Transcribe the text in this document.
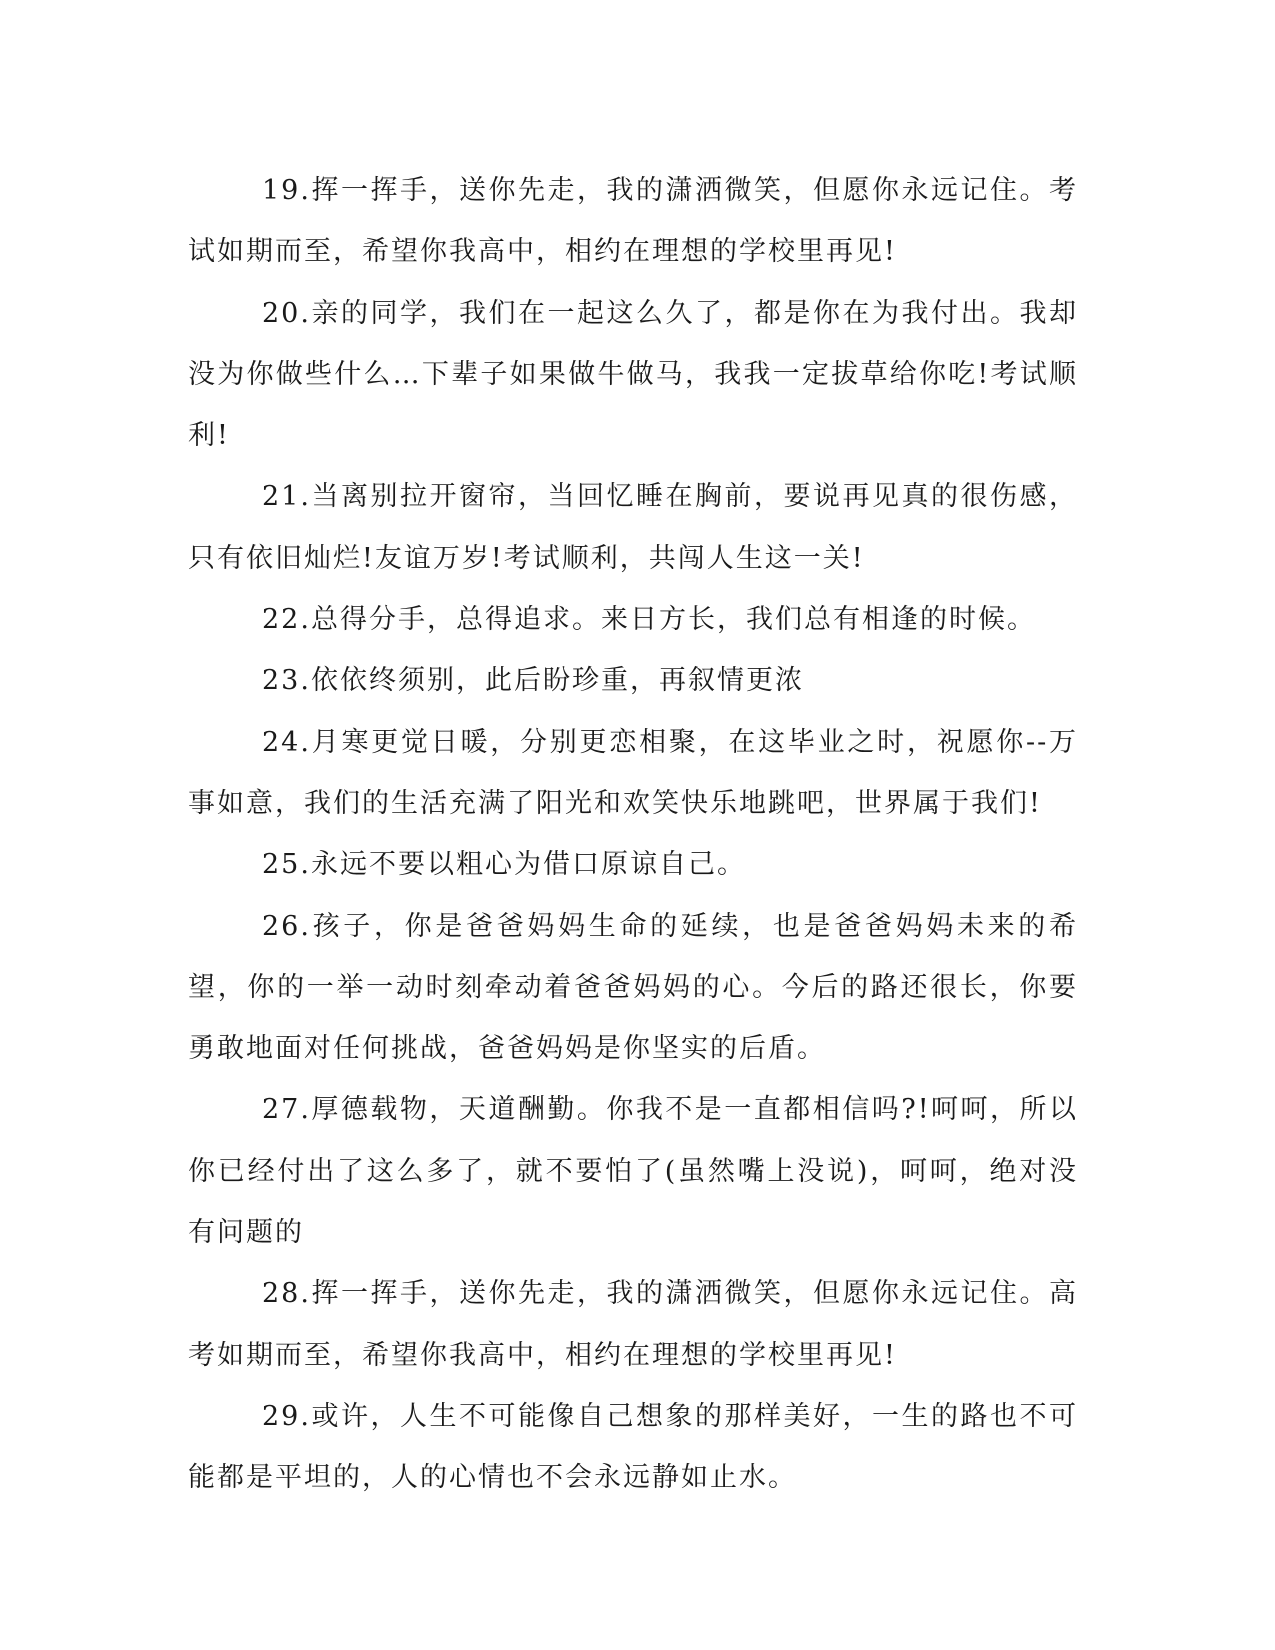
19.挥一挥手，送你先走，我的潇洒微笑，但愿你永远记住。考试如期而至，希望你我高中，相约在理想的学校里再见!

20.亲的同学，我们在一起这么久了，都是你在为我付出。我却没为你做些什么…下辈子如果做牛做马，我我一定拔草给你吃!考试顺利!

21.当离别拉开窗帘，当回忆睡在胸前，要说再见真的很伤感，只有依旧灿烂!友谊万岁!考试顺利，共闯人生这一关!

22.总得分手，总得追求。来日方长，我们总有相逢的时候。

23.依依终须别，此后盼珍重，再叙情更浓

24.月寒更觉日暖，分别更恋相聚，在这毕业之时，祝愿你--万事如意，我们的生活充满了阳光和欢笑快乐地跳吧，世界属于我们!

25.永远不要以粗心为借口原谅自己。

26.孩子，你是爸爸妈妈生命的延续，也是爸爸妈妈未来的希望，你的一举一动时刻牵动着爸爸妈妈的心。今后的路还很长，你要勇敢地面对任何挑战，爸爸妈妈是你坚实的后盾。

27.厚德载物，天道酬勤。你我不是一直都相信吗?!呵呵，所以你已经付出了这么多了，就不要怕了(虽然嘴上没说)，呵呵，绝对没有问题的

28.挥一挥手，送你先走，我的潇洒微笑，但愿你永远记住。高考如期而至，希望你我高中，相约在理想的学校里再见!

29.或许，人生不可能像自己想象的那样美好，一生的路也不可能都是平坦的，人的心情也不会永远静如止水。
